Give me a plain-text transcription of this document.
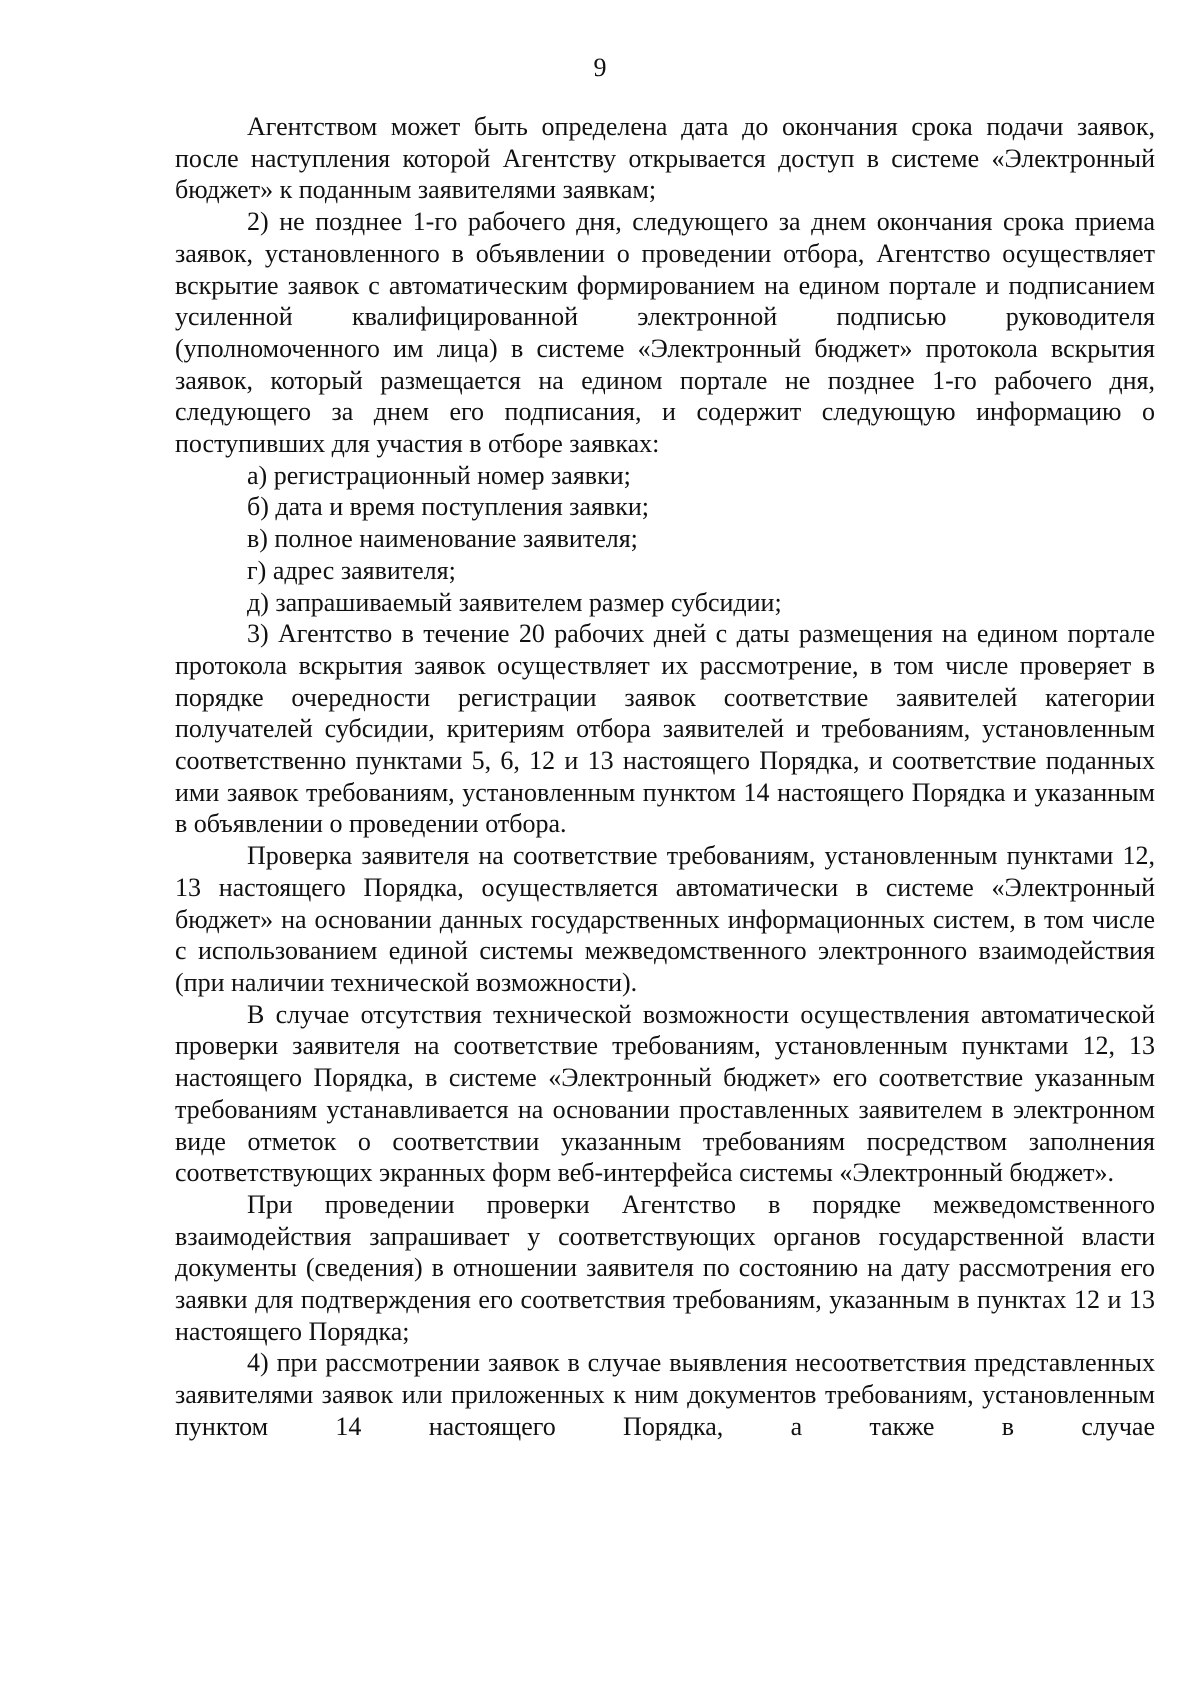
9

Агентством может быть определена дата до окончания срока подачи заявок, после наступления которой Агентству открывается доступ в системе «Электронный бюджет» к поданным заявителями заявкам;

2) не позднее 1-го рабочего дня, следующего за днем окончания срока приема заявок, установленного в объявлении о проведении отбора, Агентство осуществляет вскрытие заявок с автоматическим формированием на едином портале и подписанием усиленной квалифицированной электронной подписью руководителя (уполномоченного им лица) в системе «Электронный бюджет» протокола вскрытия заявок, который размещается на едином портале не позднее 1-го рабочего дня, следующего за днем его подписания, и содержит следующую информацию о поступивших для участия в отборе заявках:

а) регистрационный номер заявки;

б) дата и время поступления заявки;

в) полное наименование заявителя;

г) адрес заявителя;

д) запрашиваемый заявителем размер субсидии;

3) Агентство в течение 20 рабочих дней с даты размещения на едином портале протокола вскрытия заявок осуществляет их рассмотрение, в том числе проверяет в порядке очередности регистрации заявок соответствие заявителей категории получателей субсидии, критериям отбора заявителей и требованиям, установленным соответственно пунктами 5, 6, 12 и 13 настоящего Порядка, и соответствие поданных ими заявок требованиям, установленным пунктом 14 настоящего Порядка и указанным в объявлении о проведении отбора.

Проверка заявителя на соответствие требованиям, установленным пунктами 12, 13 настоящего Порядка, осуществляется автоматически в системе «Электронный бюджет» на основании данных государственных информационных систем, в том числе с использованием единой системы межведомственного электронного взаимодействия (при наличии технической возможности).

В случае отсутствия технической возможности осуществления автоматической проверки заявителя на соответствие требованиям, установленным пунктами 12, 13 настоящего Порядка, в системе «Электронный бюджет» его соответствие указанным требованиям устанавливается на основании проставленных заявителем в электронном виде отметок о соответствии указанным требованиям посредством заполнения соответствующих экранных форм веб-интерфейса системы «Электронный бюджет».

При проведении проверки Агентство в порядке межведомственного взаимодействия запрашивает у соответствующих органов государственной власти документы (сведения) в отношении заявителя по состоянию на дату рассмотрения его заявки для подтверждения его соответствия требованиям, указанным в пунктах 12 и 13 настоящего Порядка;

4) при рассмотрении заявок в случае выявления несоответствия представленных заявителями заявок или приложенных к ним документов требованиям, установленным пунктом 14 настоящего Порядка, а также в случае
